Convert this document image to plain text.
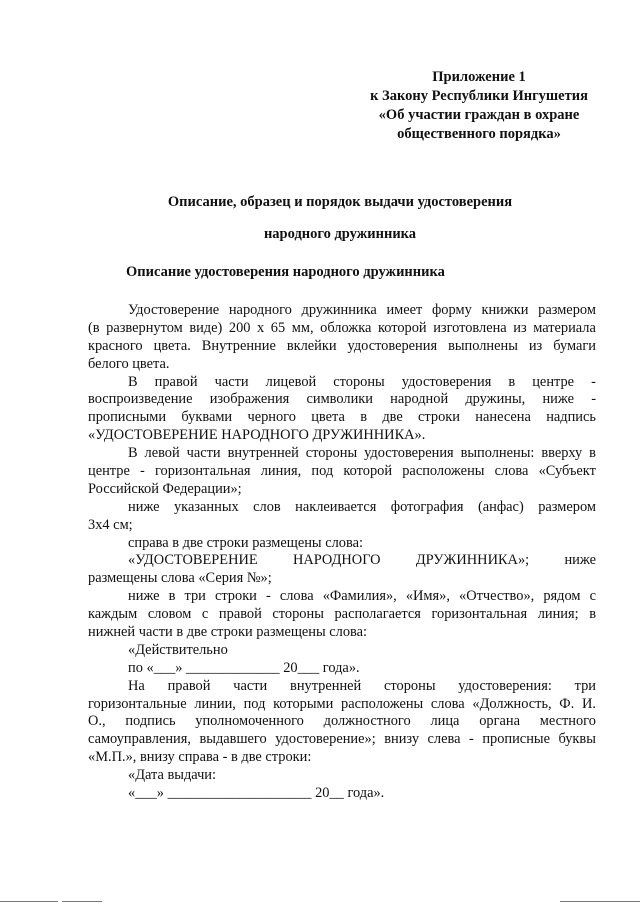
Приложение 1
к Закону Республики Ингушетия
«Об участии граждан в охране
общественного порядка»
Описание, образец и порядок выдачи удостоверения
народного дружинника
Описание удостоверения народного дружинника
Удостоверение народного дружинника имеет форму книжки размером
(в развернутом виде) 200 х 65 мм, обложка которой изготовлена из материала
красного цвета. Внутренние вклейки удостоверения выполнены из бумаги
белого цвета.
В правой части лицевой стороны удостоверения в центре -
воспроизведение изображения символики народной дружины, ниже -
прописными буквами черного цвета в две строки нанесена надпись
«УДОСТОВЕРЕНИЕ НАРОДНОГО ДРУЖИННИКА».
В левой части внутренней стороны удостоверения выполнены: вверху в
центре - горизонтальная линия, под которой расположены слова «Субъект
Российской Федерации»;
ниже указанных слов наклеивается фотография (анфас) размером
3х4 см;
справа в две строки размещены слова:
«УДОСТОВЕРЕНИЕ НАРОДНОГО ДРУЖИННИКА»; ниже
размещены слова «Серия №»;
ниже в три строки - слова «Фамилия», «Имя», «Отчество», рядом с
каждым словом с правой стороны располагается горизонтальная линия; в
нижней части в две строки размещены слова:
«Действительно
по «___» _____________ 20___ года».
На правой части внутренней стороны удостоверения: три
горизонтальные линии, под которыми расположены слова «Должность, Ф. И.
О., подпись уполномоченного должностного лица органа местного
самоуправления, выдавшего удостоверение»; внизу слева - прописные буквы
«М.П.», внизу справа - в две строки:
«Дата выдачи:
«___» ____________________ 20__ года».
